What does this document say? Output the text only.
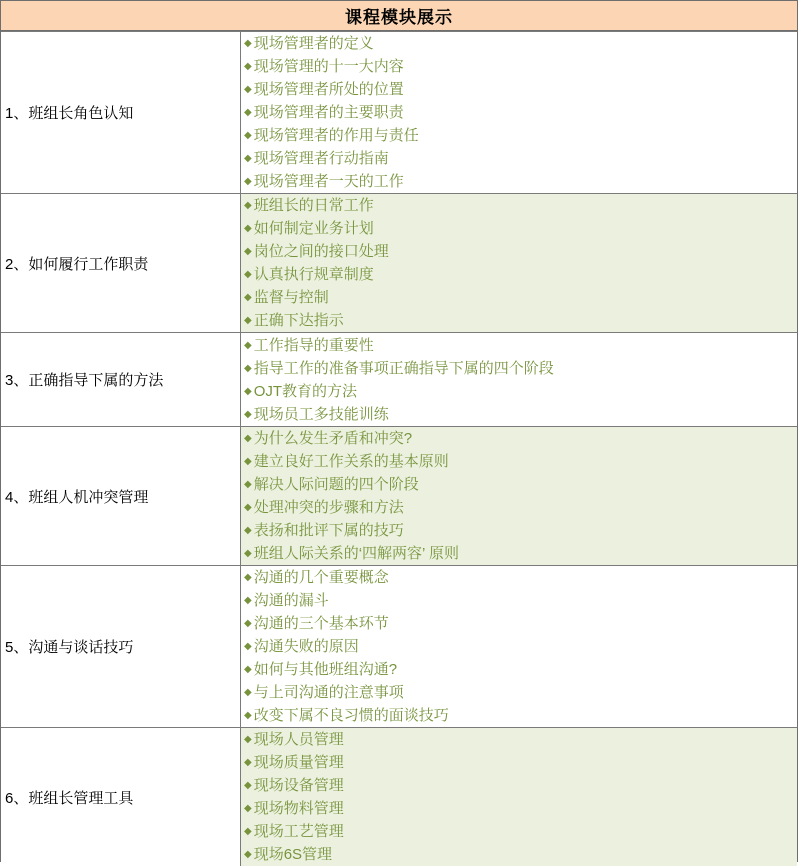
课程模块展示
1、班组长角色认知
◆ 现场管理者的定义
◆ 现场管理的十一大内容
◆ 现场管理者所处的位置
◆ 现场管理者的主要职责
◆ 现场管理者的作用与责任
◆ 现场管理者行动指南
◆ 现场管理者一天的工作
2、如何履行工作职责
◆ 班组长的日常工作
◆ 如何制定业务计划
◆ 岗位之间的接口处理
◆ 认真执行规章制度
◆ 监督与控制
◆ 正确下达指示
3、正确指导下属的方法
◆ 工作指导的重要性
◆ 指导工作的准备事项正确指导下属的四个阶段
◆ OJT教育的方法
◆ 现场员工多技能训练
4、班组人机冲突管理
◆ 为什么发生矛盾和冲突?
◆ 建立良好工作关系的基本原则
◆ 解决人际问题的四个阶段
◆ 处理冲突的步骤和方法
◆ 表扬和批评下属的技巧
◆ 班组人际关系的‘四解两容’ 原则
5、沟通与谈话技巧
◆ 沟通的几个重要概念
◆ 沟通的漏斗
◆ 沟通的三个基本环节
◆ 沟通失败的原因
◆ 如何与其他班组沟通?
◆ 与上司沟通的注意事项
◆ 改变下属不良习惯的面谈技巧
6、班组长管理工具
◆ 现场人员管理
◆ 现场质量管理
◆ 现场设备管理
◆ 现场物料管理
◆ 现场工艺管理
◆ 现场6S管理
